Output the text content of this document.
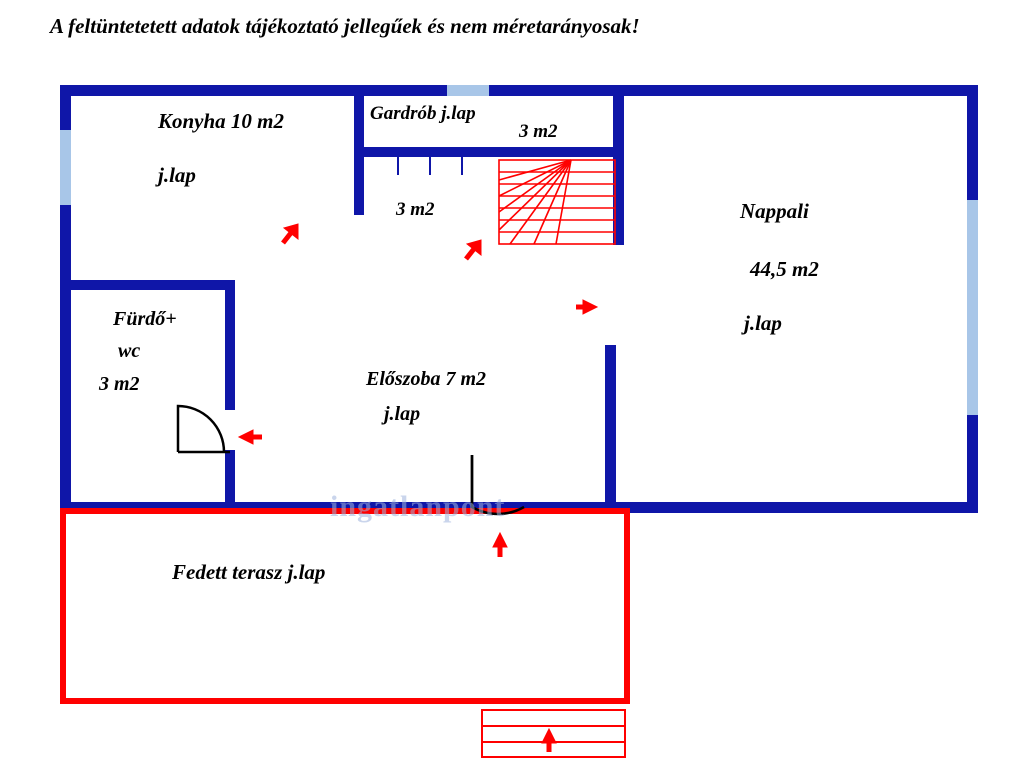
A feltüntetetett adatok tájékoztató jellegűek és nem méretarányosak!
ingatlanpont
Konyha 10 m2
j.lap
Gardrób j.lap
3 m2
3 m2	Nappali
44,5 m2
j.lap
Fürdő+
wc
3 m2	Előszoba 7 m2
j.lap
Fedett terasz j.lap
